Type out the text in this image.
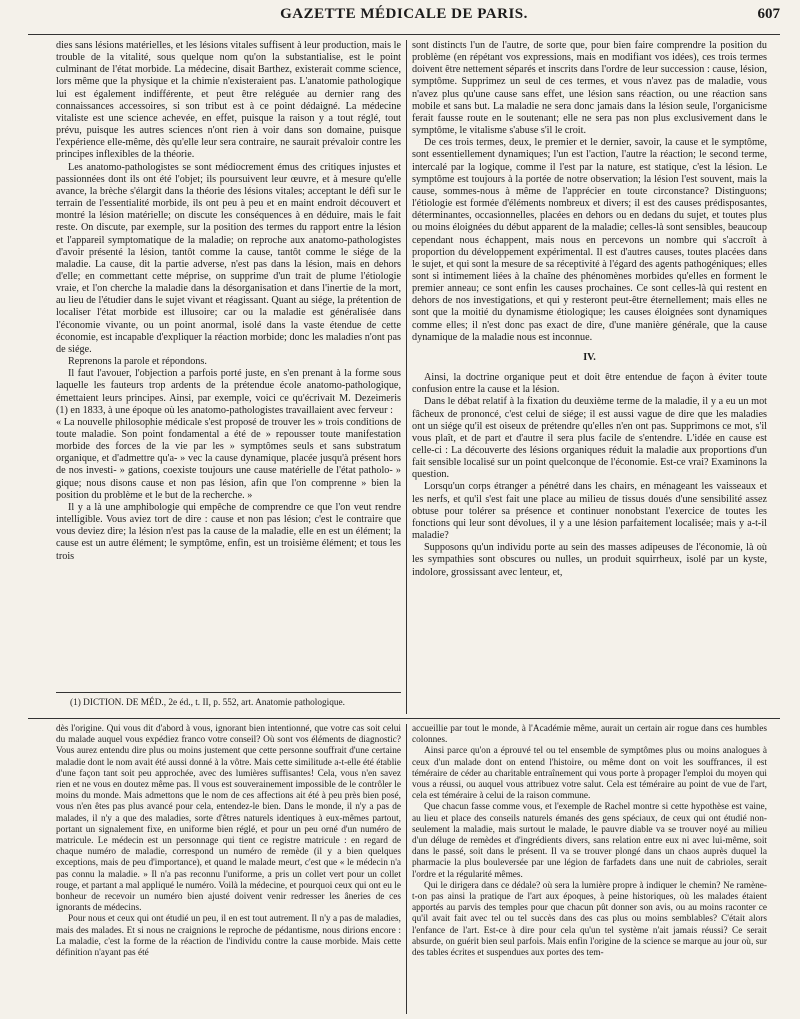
GAZETTE MÉDICALE DE PARIS.	607

dies sans lésions matérielles, et les lésions vitales suffisent à leur production, mais le trouble de la vitalité, sous quelque nom qu'on la substantialise, est le point culminant de l'état morbide. La médecine, disait Barthez, existerait comme science, lors même que la physique et la chimie n'existeraient pas. L'anatomie pathologique lui est également indifférente, et peut être reléguée au dernier rang des connaissances accessoires, si son tribut est à ce point dédaigné. La médecine vitaliste est une science achevée, en effet, puisque la raison y a tout réglé, tout prévu, puisque les autres sciences n'ont rien à voir dans son domaine, puisque l'expérience elle-même, dès qu'elle leur sera contraire, ne saurait prévaloir contre les principes inflexibles de la théorie.

Les anatomo-pathologistes se sont médiocrement émus des critiques injustes et passionnées dont ils ont été l'objet; ils poursuivent leur œuvre, et à mesure qu'elle avance, la brèche s'élargit dans la théorie des lésions vitales; acceptant le défi sur le terrain de l'essentialité morbide, ils ont peu à peu et en maint endroit découvert et montré la lésion matérielle; on discute les conséquences à en déduire, mais le fait reste. On discute, par exemple, sur la position des termes du rapport entre la lésion et l'appareil symptomatique de la maladie; on reproche aux anatomo-pathologistes d'avoir présenté la lésion, tantôt comme la cause, tantôt comme le siége de la maladie. La cause, dit la partie adverse, n'est pas dans la lésion, mais en dehors d'elle; en commettant cette méprise, on supprime d'un trait de plume l'étiologie vraie, et l'on cherche la maladie dans la désorganisation et dans l'inertie de la mort, au lieu de l'étudier dans le sujet vivant et réagissant. Quant au siége, la prétention de localiser l'état morbide est illusoire; car ou la maladie est généralisée dans l'économie vivante, ou un point anormal, isolé dans la vaste étendue de cette économie, est incapable d'expliquer la réaction morbide; donc les maladies n'ont pas de siége.

Reprenons la parole et répondons.

Il faut l'avouer, l'objection a parfois porté juste, en s'en prenant à la forme sous laquelle les fauteurs trop ardents de la prétendue école anatomo-pathologique, émettaient leurs principes. Ainsi, par exemple, voici ce qu'écrivait M. Dezeimeris (1) en 1833, à une époque où les anatomo-pathologistes travaillaient avec ferveur :

« La nouvelle philosophie médicale s'est proposé de trouver les » trois conditions de toute maladie. Son point fondamental a été de » repousser toute manifestation morbide des forces de la vie par les » symptômes seuls et sans substratum organique, et d'admettre qu'a- » vec la cause dynamique, placée jusqu'à présent hors de nos investi- » gations, coexiste toujours une cause matérielle de l'état patholo- » gique; nous disons cause et non pas lésion, afin que l'on comprenne » bien la position du problème et le but de la recherche. »

Il y a là une amphibologie qui empêche de comprendre ce que l'on veut rendre intelligible. Vous aviez tort de dire : cause et non pas lésion; c'est le contraire que vous deviez dire; la lésion n'est pas la cause de la maladie, elle en est un élément; la cause est un autre élément; le symptôme, enfin, est un troisième élément; et tous les trois

(1) DICTION. DE MÉD., 2e éd., t. II, p. 552, art. Anatomie pathologique.

sont distincts l'un de l'autre, de sorte que, pour bien faire comprendre la position du problème (en répétant vos expressions, mais en modifiant vos idées), ces trois termes doivent être nettement séparés et inscrits dans l'ordre de leur succession : cause, lésion, symptôme. Supprimez un seul de ces termes, et vous n'avez pas de maladie, vous n'avez plus qu'une cause sans effet, une lésion sans réaction, ou une réaction sans mobile et sans but. La maladie ne sera donc jamais dans la lésion seule, l'organicisme ferait fausse route en le soutenant; elle ne sera pas non plus exclusivement dans le symptôme, le vitalisme s'abuse s'il le croit.

De ces trois termes, deux, le premier et le dernier, savoir, la cause et le symptôme, sont essentiellement dynamiques; l'un est l'action, l'autre la réaction; le second terme, intercalé par la logique, comme il l'est par la nature, est statique, c'est la lésion. Le symptôme est toujours à la portée de notre observation; la lésion l'est souvent, mais la cause, sommes-nous à même de l'apprécier en toute circonstance? Distinguons; l'étiologie est formée d'éléments nombreux et divers; il est des causes prédisposantes, déterminantes, occasionnelles, placées en dehors ou en dedans du sujet, et toutes plus ou moins éloignées du début apparent de la maladie; celles-là sont sensibles, beaucoup cependant nous échappent, mais nous en percevons un nombre qui s'accroît à proportion du développement expérimental. Il est d'autres causes, toutes placées dans le sujet, et qui sont la mesure de sa réceptivité à l'égard des agents pathogéniques; elles sont si intimement liées à la chaîne des phénomènes morbides qu'elles en forment le premier anneau; ce sont enfin les causes prochaines. Ce sont celles-là qui restent en dehors de nos investigations, et qui y resteront peut-être éternellement; mais elles ne sont que la moitié du dynamisme étiologique; les causes éloignées sont dynamiques comme elles; il n'est donc pas exact de dire, d'une manière générale, que la cause dynamique de la maladie nous est inconnue.

IV.

Ainsi, la doctrine organique peut et doit être entendue de façon à éviter toute confusion entre la cause et la lésion.

Dans le débat relatif à la fixation du deuxième terme de la maladie, il y a eu un mot fâcheux de prononcé, c'est celui de siége; il est aussi vague de dire que les maladies ont un siége qu'il est oiseux de prétendre qu'elles n'en ont pas. Supprimons ce mot, s'il vous plaît, et de part et d'autre il sera plus facile de s'entendre. L'idée en cause est celle-ci : La découverte des lésions organiques réduit la maladie aux proportions d'un fait sensible localisé sur un point quelconque de l'économie. Est-ce vrai? Examinons la question.

Lorsqu'un corps étranger a pénétré dans les chairs, en ménageant les vaisseaux et les nerfs, et qu'il s'est fait une place au milieu de tissus doués d'une sensibilité assez obtuse pour tolérer sa présence et continuer nonobstant l'exercice de toutes les fonctions qui leur sont dévolues, il y a une lésion parfaitement localisée; mais y a-t-il maladie?

Supposons qu'un individu porte au sein des masses adipeuses de l'économie, là où les sympathies sont obscures ou nulles, un produit squirrheux, isolé par un kyste, indolore, grossissant avec lenteur, et,

dès l'origine. Qui vous dit d'abord à vous, ignorant bien intentionné, que votre cas soit celui du malade auquel vous expédiez franco votre conseil? Où sont vos éléments de diagnostic? Vous aurez entendu dire plus ou moins justement que cette personne souffrait d'une certaine maladie dont le nom avait été aussi donné à la vôtre. Mais cette similitude a-t-elle été établie d'une façon tant soit peu approchée, avec des lumières suffisantes! Cela, vous n'en savez rien et ne vous en doutez même pas. Il vous est souverainement impossible de le contrôler le moins du monde. Mais admettons que le nom de ces affections ait été à peu près bien posé, vous n'en êtes pas plus avancé pour cela, entendez-le bien. Dans le monde, il n'y a pas de malades, il n'y a que des maladies, sorte d'êtres naturels identiques à eux-mêmes partout, portant un signalement fixe, en uniforme bien réglé, et pour un peu orné d'un numéro de matricule. Le médecin est un personnage qui tient ce registre matricule : en regard de chaque numéro de maladie, correspond un numéro de remède (il y a bien quelques exceptions, mais de peu d'importance), et quand le malade meurt, c'est que « le médecin n'a pas connu la maladie. » Il n'a pas reconnu l'uniforme, a pris un collet vert pour un collet rouge, et partant a mal appliqué le numéro. Voilà la médecine, et pourquoi ceux qui ont eu le bonheur de recevoir un numéro bien ajusté doivent venir redresser les âneries de ces ignorants de médecins.

Pour nous et ceux qui ont étudié un peu, il en est tout autrement. Il n'y a pas de maladies, mais des malades. Et si nous ne craignions le reproche de pédantisme, nous dirions encore : La maladie, c'est la forme de la réaction de l'individu contre la cause morbide. Mais cette définition n'ayant pas été

accueillie par tout le monde, à l'Académie même, aurait un certain air rogue dans ces humbles colonnes.

Ainsi parce qu'on a éprouvé tel ou tel ensemble de symptômes plus ou moins analogues à ceux d'un malade dont on entend l'histoire, ou même dont on voit les souffrances, il est téméraire de céder au charitable entraînement qui vous porte à propager l'emploi du moyen qui vous a réussi, ou auquel vous attribuez votre salut. Cela est téméraire au point de vue de l'art, cela est téméraire à celui de la raison commune.

Que chacun fasse comme vous, et l'exemple de Rachel montre si cette hypothèse est vaine, au lieu et place des conseils naturels émanés des gens spéciaux, de ceux qui ont étudié non-seulement la maladie, mais surtout le malade, le pauvre diable va se trouver noyé au milieu d'un déluge de remèdes et d'ingrédients divers, sans relation entre eux ni avec lui-même, soit dans le passé, soit dans le présent. Il va se trouver plongé dans un chaos auprès duquel la pharmacie la plus bouleversée par une légion de farfadets dans une nuit de cabrioles, serait l'ordre et la régularité mêmes.

Qui le dirigera dans ce dédale? où sera la lumière propre à indiquer le chemin? Ne ramène-t-on pas ainsi la pratique de l'art aux époques, à peine historiques, où les malades étaient apportés au parvis des temples pour que chacun pût donner son avis, ou au moins raconter ce qu'il avait fait avec tel ou tel succès dans des cas plus ou moins semblables? C'était alors l'enfance de l'art. Est-ce à dire pour cela qu'un tel système n'ait jamais réussi? Ce serait absurde, on guérit bien seul parfois. Mais enfin l'origine de la science se marque au jour où, sur des tables écrites et suspendues aux portes des tem-
